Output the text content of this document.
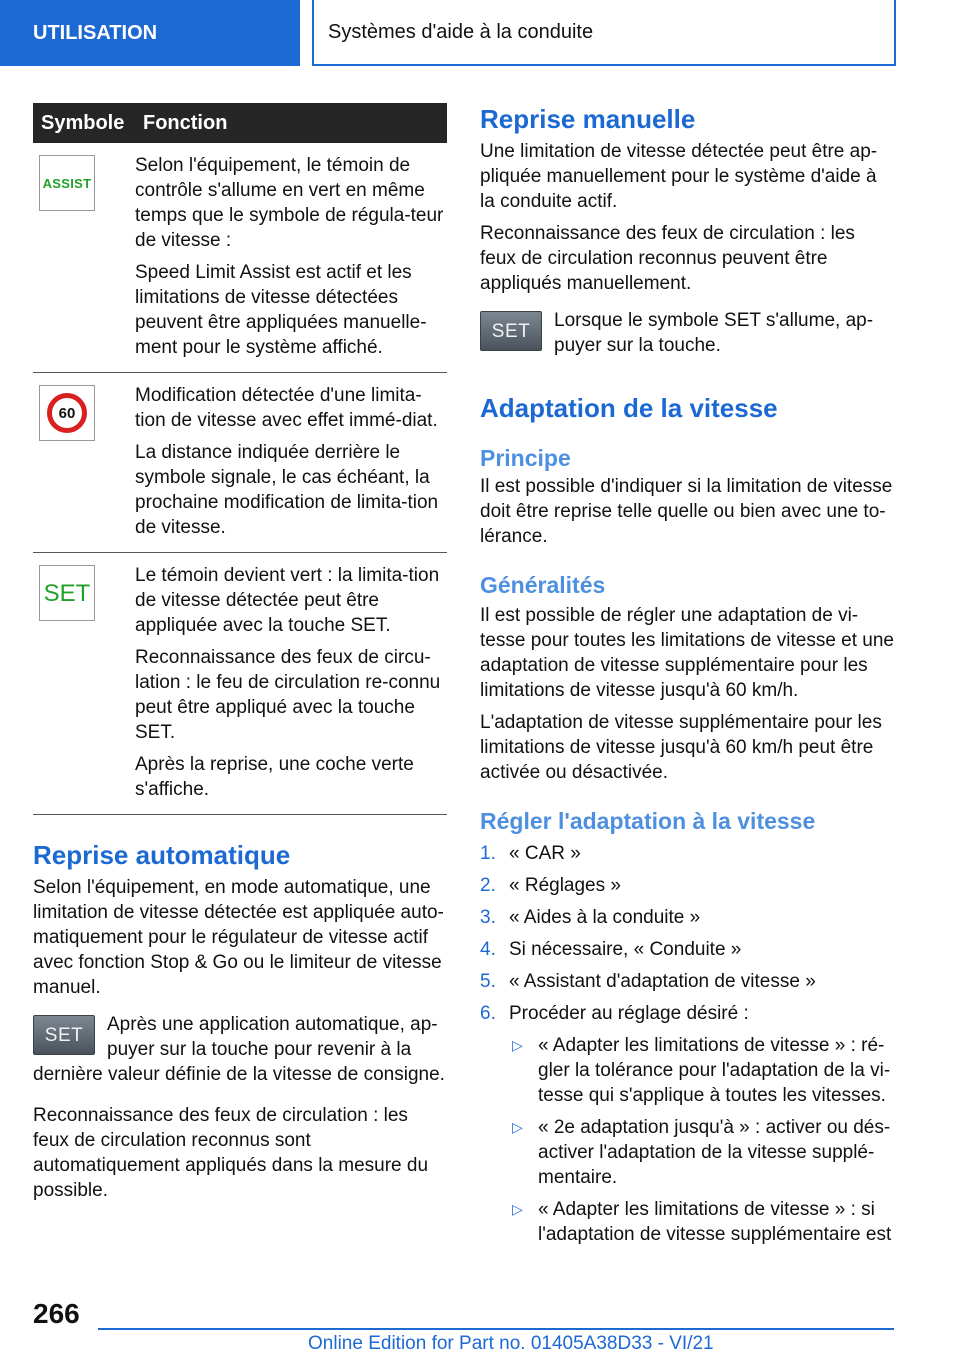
UTILISATION	Systèmes d'aide à la conduite
Symbole	Fonction

ASSIST	Selon l'équipement, le témoin de contrôle s'allume en vert en même temps que le symbole de régula-teur de vitesse :

Speed Limit Assist est actif et les limitations de vitesse détectées peuvent être appliquées manuelle-ment pour le système affiché.

60	Modification détectée d'une limita-tion de vitesse avec effet immé-diat.

La distance indiquée derrière le symbole signale, le cas échéant, la prochaine modification de limita-tion de vitesse.

SET	Le témoin devient vert : la limita-tion de vitesse détectée peut être appliquée avec la touche SET.

Reconnaissance des feux de circu-lation : le feu de circulation re-connu peut être appliqué avec la touche SET.

Après la reprise, une coche verte s'affiche.

Reprise automatique

Selon l'équipement, en mode automatique, une limitation de vitesse détectée est appliquée auto-matiquement pour le régulateur de vitesse actif avec fonction Stop & Go ou le limiteur de vitesse manuel.

SET Après une application automatique, ap-puyer sur la touche pour revenir à la dernière valeur définie de la vitesse de consigne.

Reconnaissance des feux de circulation : les feux de circulation reconnus sont automatiquement appliqués dans la mesure du possible.

Reprise manuelle

Une limitation de vitesse détectée peut être ap-pliquée manuellement pour le système d'aide à la conduite actif.

Reconnaissance des feux de circulation : les feux de circulation reconnus peuvent être appliqués manuellement.

SET Lorsque le symbole SET s'allume, ap-puyer sur la touche.
Adaptation de la vitesse
Principe

Il est possible d'indiquer si la limitation de vitesse doit être reprise telle quelle ou bien avec une to-lérance.

Généralités

Il est possible de régler une adaptation de vi-tesse pour toutes les limitations de vitesse et une adaptation de vitesse supplémentaire pour les limitations de vitesse jusqu'à 60 km/h.

L'adaptation de vitesse supplémentaire pour les limitations de vitesse jusqu'à 60 km/h peut être activée ou désactivée.

Régler l'adaptation à la vitesse
1. « CAR »
2. « Réglages »
3. « Aides à la conduite »
4. Si nécessaire, « Conduite »
5. « Assistant d'adaptation de vitesse »
6. Procéder au réglage désiré :
▷ « Adapter les limitations de vitesse » : ré-gler la tolérance pour l'adaptation de la vi-tesse qui s'applique à toutes les vitesses.
▷ « 2e adaptation jusqu'à » : activer ou dés-activer l'adaptation de la vitesse supplé-mentaire.
▷ « Adapter les limitations de vitesse » : si l'adaptation de vitesse supplémentaire est
266
Online Edition for Part no. 01405A38D33 - VI/21
